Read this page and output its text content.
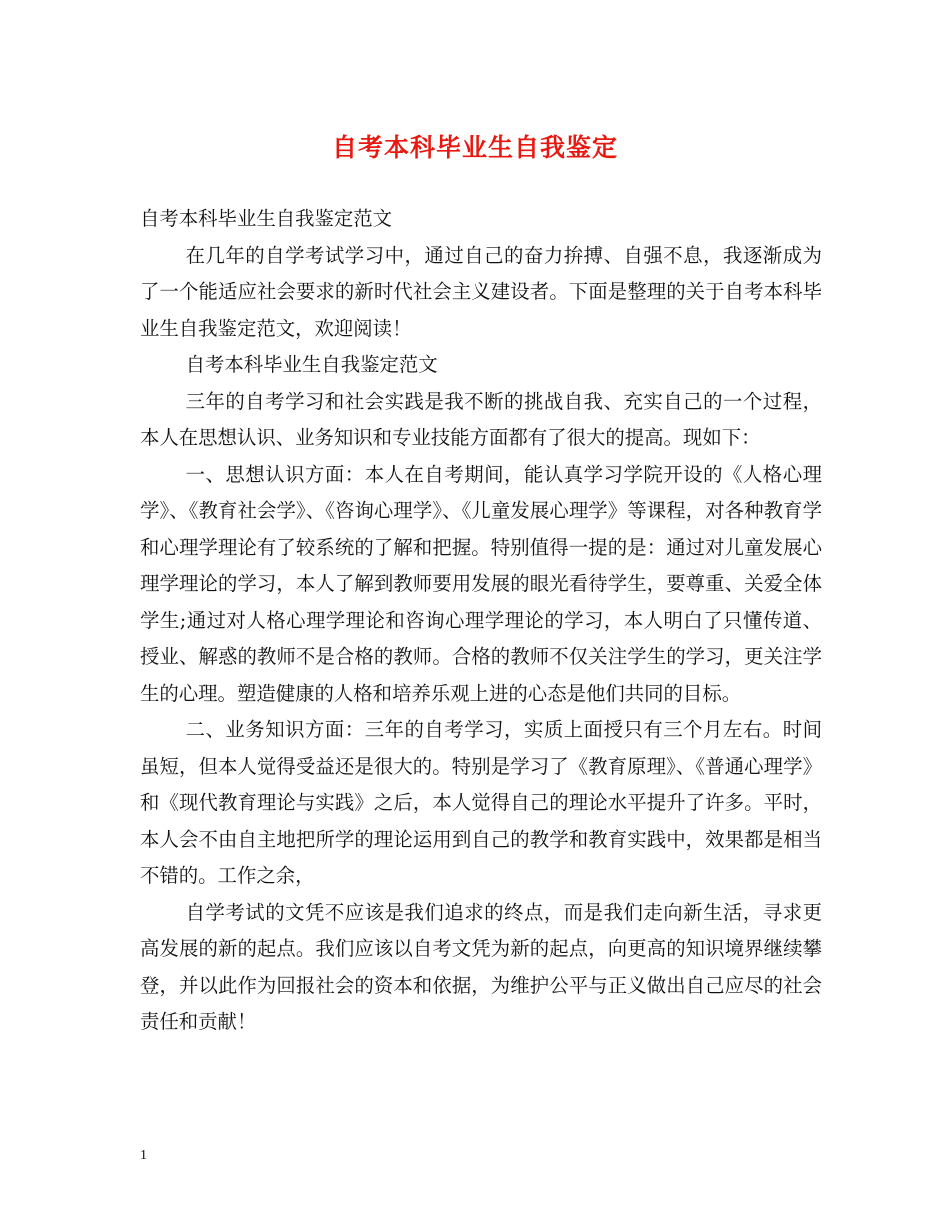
自考本科毕业生自我鉴定

自考本科毕业生自我鉴定范文

在几年的自学考试学习中，通过自己的奋力拚搏、自强不息，我逐渐成为了一个能适应社会要求的新时代社会主义建设者。下面是整理的关于自考本科毕业生自我鉴定范文，欢迎阅读！

自考本科毕业生自我鉴定范文

三年的自考学习和社会实践是我不断的挑战自我、充实自己的一个过程，本人在思想认识、业务知识和专业技能方面都有了很大的提高。现如下：

一、思想认识方面：本人在自考期间，能认真学习学院开设的《人格心理学》、《教育社会学》、《咨询心理学》、《儿童发展心理学》等课程，对各种教育学和心理学理论有了较系统的了解和把握。特别值得一提的是：通过对儿童发展心理学理论的学习，本人了解到教师要用发展的眼光看待学生，要尊重、关爱全体学生;通过对人格心理学理论和咨询心理学理论的学习，本人明白了只懂传道、授业、解惑的教师不是合格的教师。合格的教师不仅关注学生的学习，更关注学生的心理。塑造健康的人格和培养乐观上进的心态是他们共同的目标。

二、业务知识方面：三年的自考学习，实质上面授只有三个月左右。时间虽短，但本人觉得受益还是很大的。特别是学习了《教育原理》、《普通心理学》和《现代教育理论与实践》之后，本人觉得自己的理论水平提升了许多。平时，本人会不由自主地把所学的理论运用到自己的教学和教育实践中，效果都是相当不错的。工作之余，

自学考试的文凭不应该是我们追求的终点，而是我们走向新生活，寻求更高发展的新的起点。我们应该以自考文凭为新的起点，向更高的知识境界继续攀登，并以此作为回报社会的资本和依据，为维护公平与正义做出自己应尽的社会责任和贡献！

1
